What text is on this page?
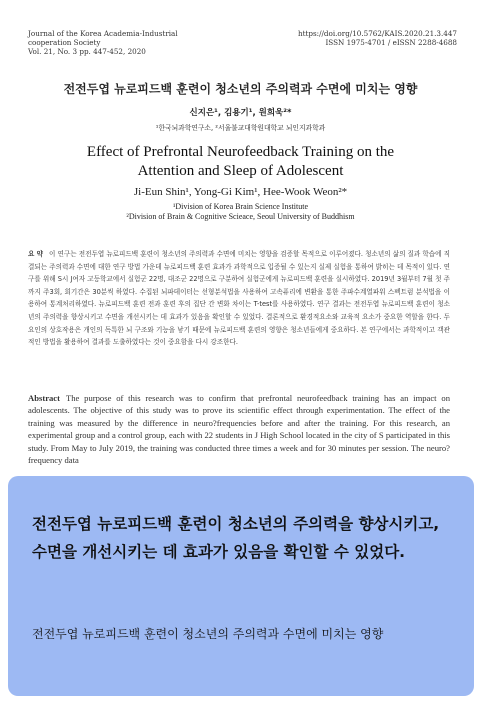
Journal of the Korea Academia-Industrial
cooperation Society
Vol. 21, No. 3 pp. 447-452, 2020
https://doi.org/10.5762/KAIS.2020.21.3.447
ISSN 1975-4701 / eISSN 2288-4688
전전두엽 뉴로피드백 훈련이 청소년의 주의력과 수면에 미치는 영향
신지은¹, 김용기¹, 원희욱²*
¹한국뇌과학연구소, ²서울불교대학원대학교 뇌인지과학과
Effect of Prefrontal Neurofeedback Training on the
Attention and Sleep of Adolescent
Ji-Eun Shin¹, Yong-Gi Kim¹, Hee-Wook Weon²*
¹Division of Korea Brain Science Institute
²Division of Brain & Cognitive Scieace, Seoul University of Buddhism
요 약 이 연구는 전전두엽 뉴로피드백 훈련이 청소년의 주의력과 수면에 미치는 영향을 검증할 목적으로 이루어졌다. 청소년의 삶의 질과 학습에 직결되는 주의력과 수면에 대한 연구 방법 가운데 뉴로피드백 훈련 효과가 과학적으로 입증될 수 있는지 실제 실험을 통하여 밝히는 데 목적이 있다. 연구를 위해 S시 J여자 고등학교에서 실험군 22명, 대조군 22명으로 구분하여 실험군에게 뉴로피드백 훈련을 실시하였다. 2019년 3월부터 7월 첫 주까지 주3회, 회기간은 30분씩 하였다. 수집된 뇌파데이터는 선형분석법을 사용하여 고속퓨리에 변환을 통한 주파수계열파워 스펙트럼 분석법을 이용하여 통계처리하였다. 뉴로피드백 훈련 전과 훈련 후의 집단 간 변화 차이는 T-test를 사용하였다. 연구 결과는 전전두엽 뉴로피드백 훈련이 청소년의 주의력을 향상시키고 수면을 개선시키는 데 효과가 있음을 확인할 수 있었다. 결론적으로 환경적요소와 교육적 요소가 중요한 역할을 한다. 두 요인의 상호작용은 개인의 독특한 뇌 구조와 기능을 낳기 때문에 뉴로피드백 훈련의 영향은 청소년들에게 중요하다. 본 연구에서는 과학적이고 객관적인 방법을 활용하여 결과를 도출하였다는 것이 중요함을 다시 강조한다.
Abstract The purpose of this research was to confirm that prefrontal neurofeedback training has an impact on adolescents. The objective of this study was to prove its scientific effect through experimentation. The effect of the training was measured by the difference in neuro?frequencies before and after the training. For this research, an experimental group and a control group, each with 22 students in J High School located in the city of S participated in this study. From May to July 2019, the training was conducted three times a week and for 30 minutes per session. The neuro?frequency data
전전두엽 뉴로피드백 훈련이 청소년의 주의력을 향상시키고, 수면을 개선시키는 데 효과가 있음을 확인할 수 있었다.
전전두엽 뉴로피드백 훈련이 청소년의 주의력과 수면에 미치는 영향
